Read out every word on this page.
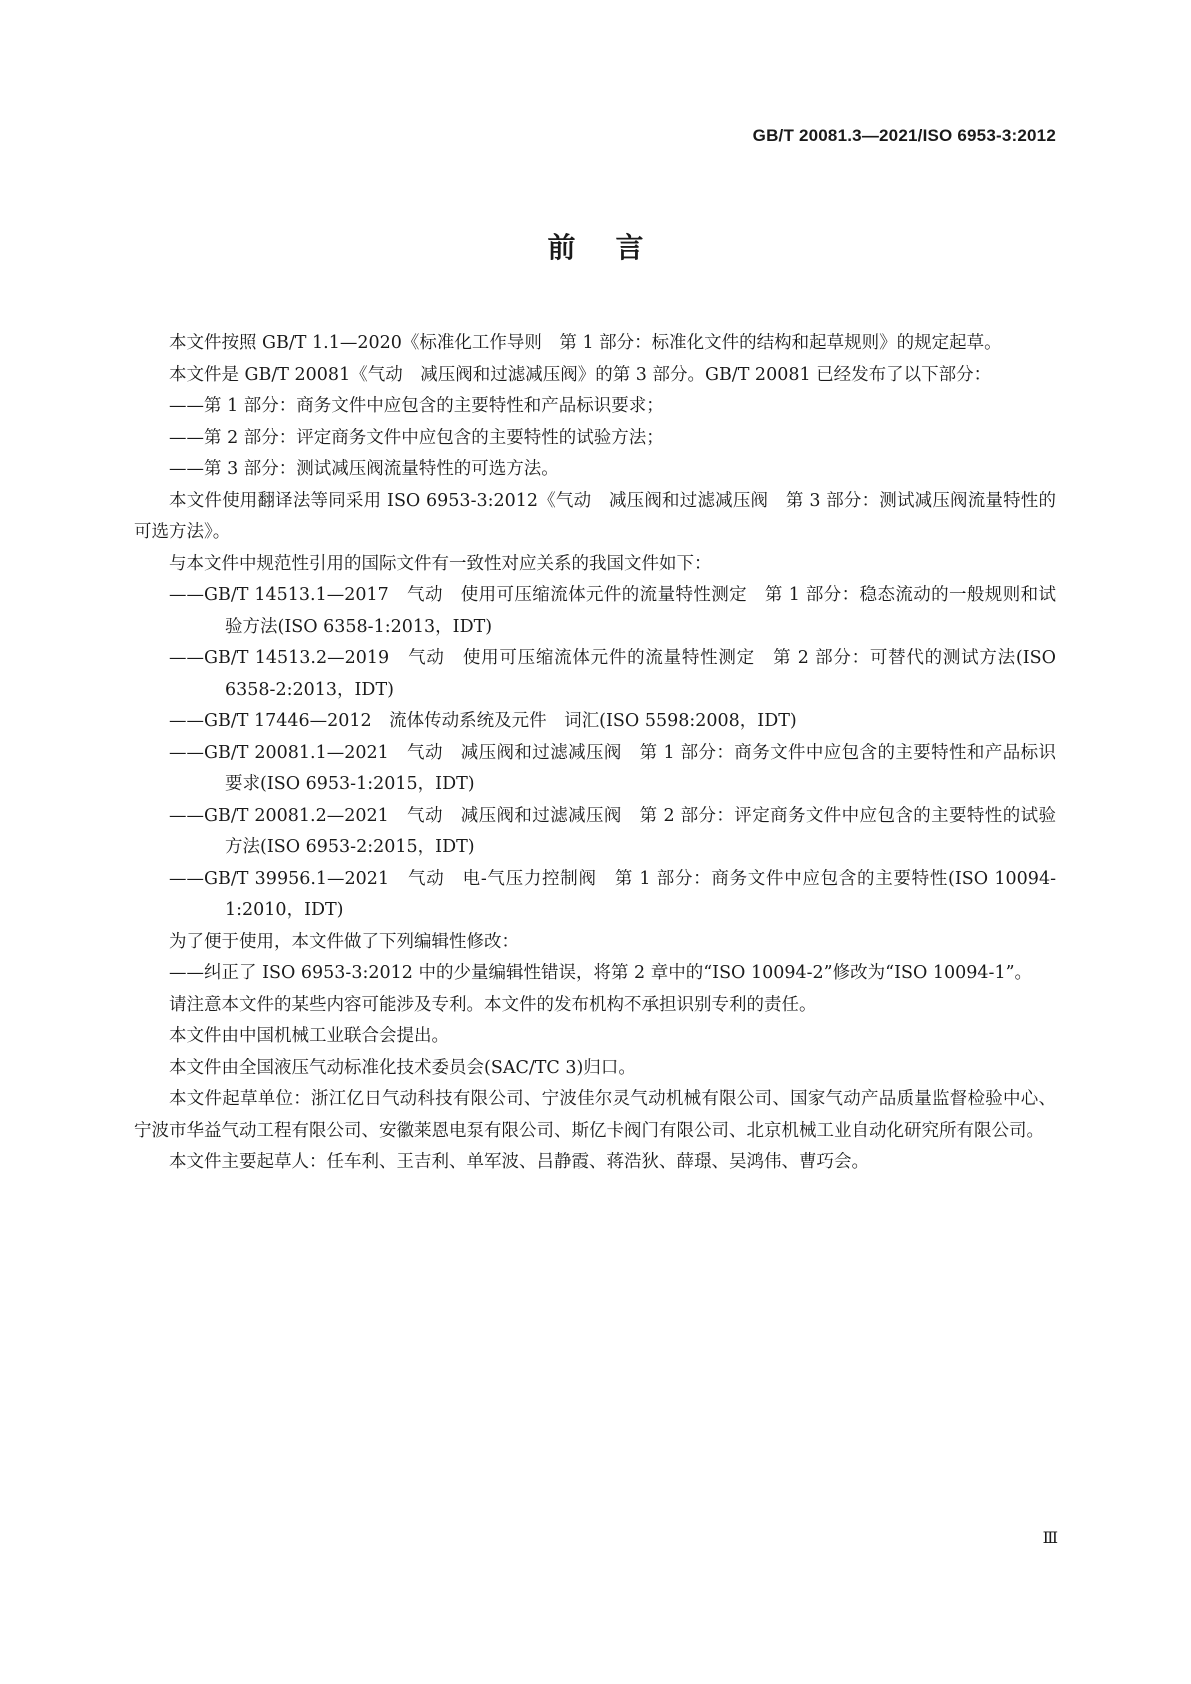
GB/T 20081.3—2021/ISO 6953-3:2012
前言

本文件按照 GB/T 1.1—2020《标准化工作导则　第 1 部分：标准化文件的结构和起草规则》的规定起草。

本文件是 GB/T 20081《气动　减压阀和过滤减压阀》的第 3 部分。GB/T 20081 已经发布了以下部分：

——第 1 部分：商务文件中应包含的主要特性和产品标识要求；

——第 2 部分：评定商务文件中应包含的主要特性的试验方法；

——第 3 部分：测试减压阀流量特性的可选方法。

本文件使用翻译法等同采用 ISO 6953-3:2012《气动　减压阀和过滤减压阀　第 3 部分：测试减压阀流量特性的可选方法》。

与本文件中规范性引用的国际文件有一致性对应关系的我国文件如下：

——GB/T 14513.1—2017　气动　使用可压缩流体元件的流量特性测定　第 1 部分：稳态流动的一般规则和试验方法(ISO 6358-1:2013，IDT)

——GB/T 14513.2—2019　气动　使用可压缩流体元件的流量特性测定　第 2 部分：可替代的测试方法(ISO 6358-2:2013，IDT)

——GB/T 17446—2012　流体传动系统及元件　词汇(ISO 5598:2008，IDT)

——GB/T 20081.1—2021　气动　减压阀和过滤减压阀　第 1 部分：商务文件中应包含的主要特性和产品标识要求(ISO 6953-1:2015，IDT)

——GB/T 20081.2—2021　气动　减压阀和过滤减压阀　第 2 部分：评定商务文件中应包含的主要特性的试验方法(ISO 6953-2:2015，IDT)

——GB/T 39956.1—2021　气动　电-气压力控制阀　第 1 部分：商务文件中应包含的主要特性(ISO 10094-1:2010，IDT)

为了便于使用，本文件做了下列编辑性修改：

——纠正了 ISO 6953-3:2012 中的少量编辑性错误，将第 2 章中的“ISO 10094-2”修改为“ISO 10094-1”。

请注意本文件的某些内容可能涉及专利。本文件的发布机构不承担识别专利的责任。

本文件由中国机械工业联合会提出。

本文件由全国液压气动标准化技术委员会(SAC/TC 3)归口。

本文件起草单位：浙江亿日气动科技有限公司、宁波佳尔灵气动机械有限公司、国家气动产品质量监督检验中心、宁波市华益气动工程有限公司、安徽莱恩电泵有限公司、斯亿卡阀门有限公司、北京机械工业自动化研究所有限公司。

本文件主要起草人：任车利、王吉利、单军波、吕静霞、蒋浩狄、薛璟、吴鸿伟、曹巧会。

Ⅲ
